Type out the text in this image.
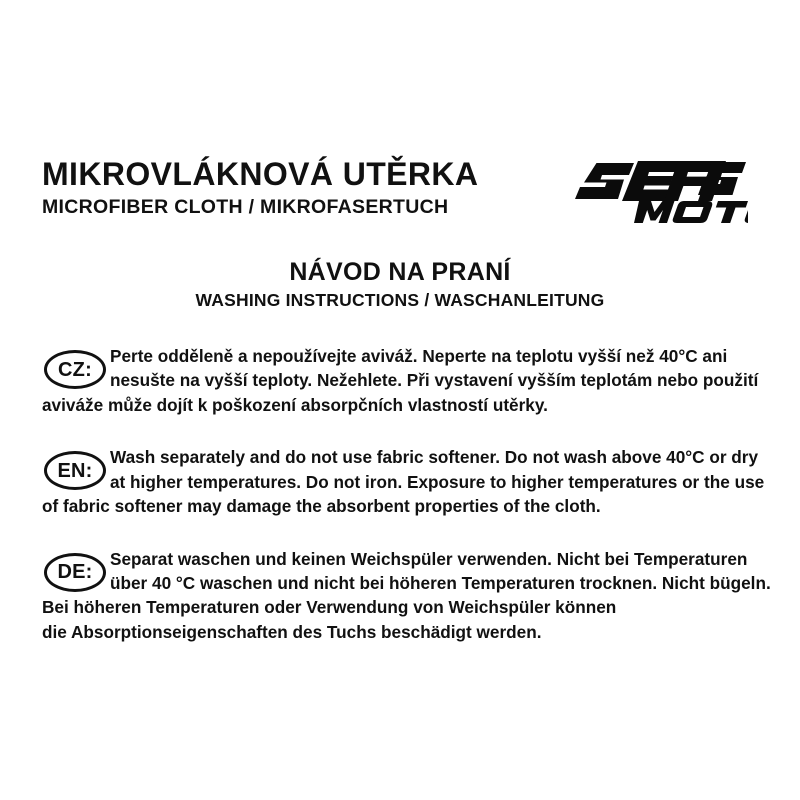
MIKROVLÁKNOVÁ UTĚRKA
MICROFIBER CLOTH / MIKROFASERTUCH
NÁVOD NA PRANÍ
WASHING INSTRUCTIONS / WASCHANLEITUNG
CZ:

Perte odděleně a nepoužívejte aviváž. Neperte na teplotu vyšší než 40°C ani
nesušte na vyšší teploty. Nežehlete. Při vystavení vyšším teplotám nebo použití
aviváže může dojít k poškození absorpčních vlastností utěrky.

EN:

Wash separately and do not use fabric softener. Do not wash above 40°C or dry
at higher temperatures. Do not iron. Exposure to higher temperatures or the use
of fabric softener may damage the absorbent properties of the cloth.

DE:

Separat waschen und keinen Weichspüler verwenden. Nicht bei Temperaturen
über 40 °C waschen und nicht bei höheren Temperaturen trocknen. Nicht bügeln.
Bei höheren Temperaturen oder Verwendung von Weichspüler können
die Absorptionseigenschaften des Tuchs beschädigt werden.
